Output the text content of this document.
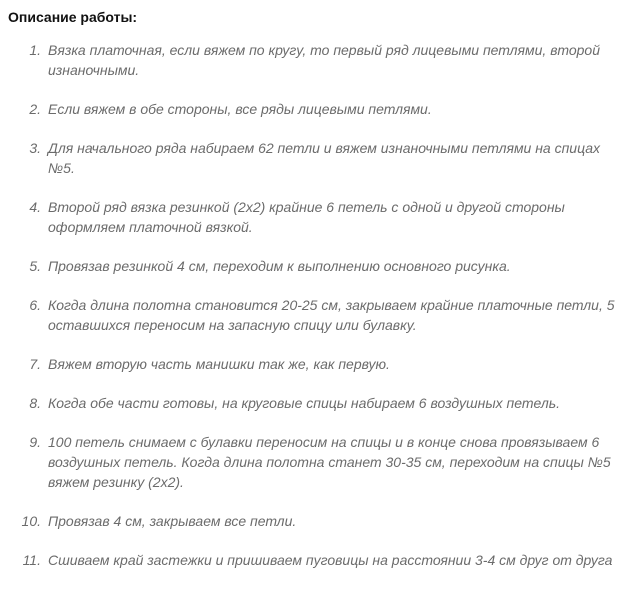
Описание работы:
1. Вязка платочная, если вяжем по кругу, то первый ряд лицевыми петлями, второй
изнаночными.
2. Если вяжем в обе стороны, все ряды лицевыми петлями.
3. Для начального ряда набираем 62 петли и вяжем изнаночными петлями на спицах
№5.
4. Второй ряд вязка резинкой (2х2) крайние 6 петель с одной и другой стороны
оформляем платочной вязкой.
5. Провязав резинкой 4 см, переходим к выполнению основного рисунка.
6. Когда длина полотна становится 20-25 см, закрываем крайние платочные петли, 5
оставшихся переносим на запасную спицу или булавку.
7. Вяжем вторую часть манишки так же, как первую.
8. Когда обе части готовы, на круговые спицы набираем 6 воздушных петель.
9. 100 петель снимаем с булавки переносим на спицы и в конце снова провязываем 6
воздушных петель. Когда длина полотна станет 30-35 см, переходим на спицы №5
вяжем резинку (2х2).
10. Провязав 4 см, закрываем все петли.
11. Сшиваем край застежки и пришиваем пуговицы на расстоянии 3-4 см друг от друга
